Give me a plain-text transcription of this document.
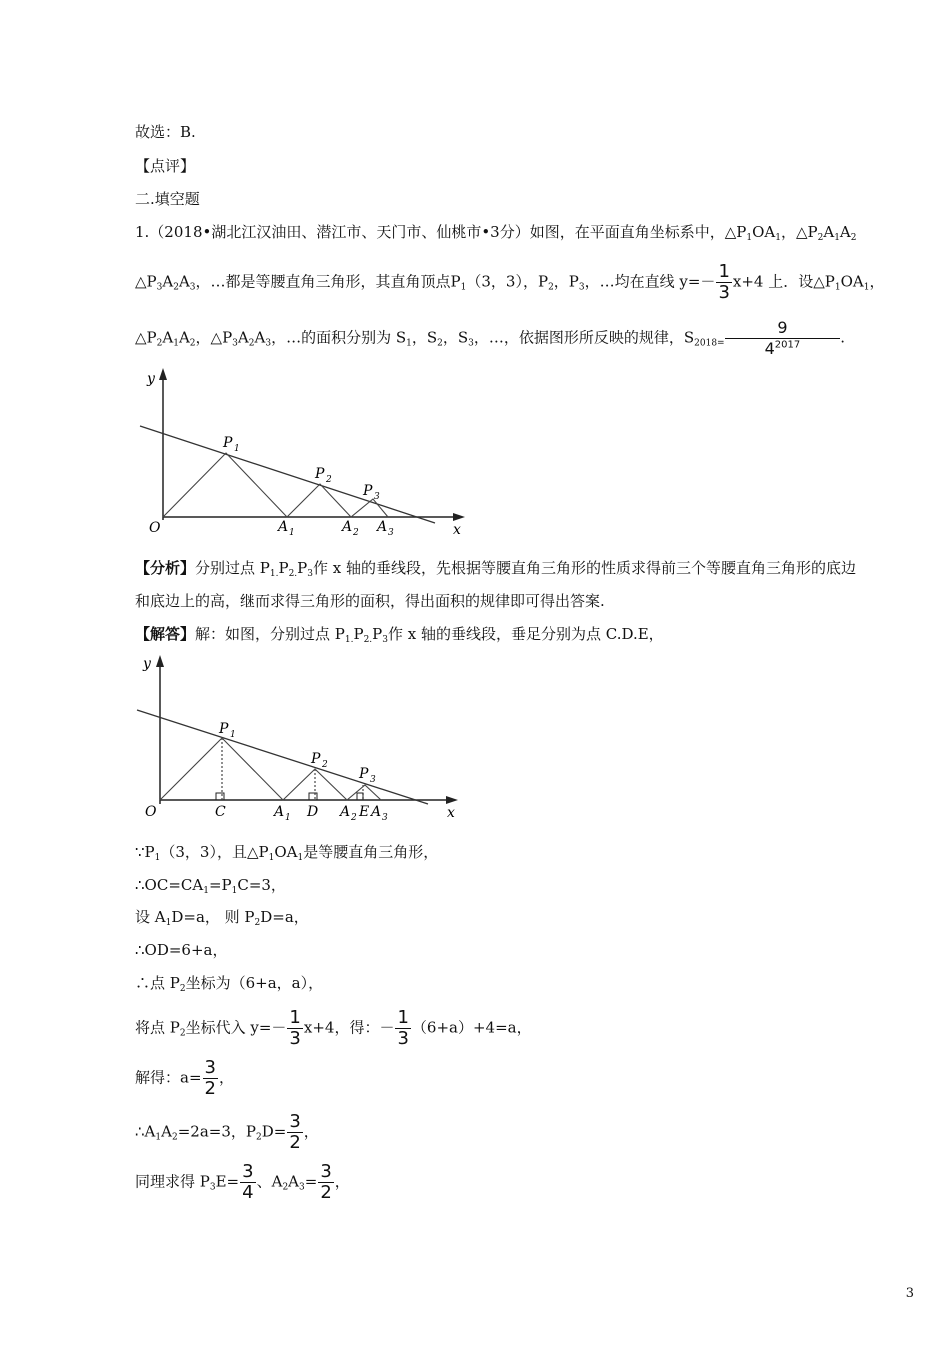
故选：B.
【点评】
二.填空题
1.（2018•湖北江汉油田、潜江市、天门市、仙桃市•3分）如图，在平面直角坐标系中，$\triangle P_1OA_1$，$\triangle P_2A_1A_2$
$\triangle P_3A_2A_3$，…都是等腰直角三角形，其直角顶点$P_1(3$，3），$P_2$，$P_3$，…均在直线 $y=- \frac{1}{3} x+4$ 上．设$\triangle P_1OA_1$，
$\triangle P_2A_1A_2$，$\triangle P_3A_2A_3$，…的面积分别为 $S_1$，$S_2$，$S_3$，…，依据图形所反映的规律，$S_{2018=} \frac{9}{4^{2017}}$ .
y
O	x
P 1
P 2
P 3
A 1	A 2 A 3
【分析】分别过点 $P_{1.}P_{2.}P_3$作 x 轴的垂线段，先根据等腰直角三角形的性质求得前三个等腰直角三角形的底边
和底边上的高，继而求得三角形的面积，得出面积的规律即可得出答案.
【解答】解：如图，分别过点 $P_{1.}P_{2.}P_3$作 x 轴的垂线段，垂足分别为点 C.D.E，
y
O	x
P 1
P 2
P 3
C	A 1 D A 2 E A 3
$\because P_1(3$，3），且$\triangle P_1OA_1$是等腰直角三角形，
$\therefore OC=CA_1=P_1C=3$，
设 $A_1D=a$， 则 $P_2D=a$，
∴OD=6+a，
∴点 $P_2$坐标为（6+a，a），
将点 $P_2$坐标代入 $y=- \frac{1}{3} x+4$，得：－ $\frac{1}{3} (6+a)+4=a$，
解得：$a= \frac{3}{2}$ ，
$\therefore A_1A_2=2a=3$，$P_2D= \frac{3}{2}$ ，
同理求得 $P_3E= \frac{3}{4}$ 、$A_2A_3= \frac{3}{2}$ ，
3
